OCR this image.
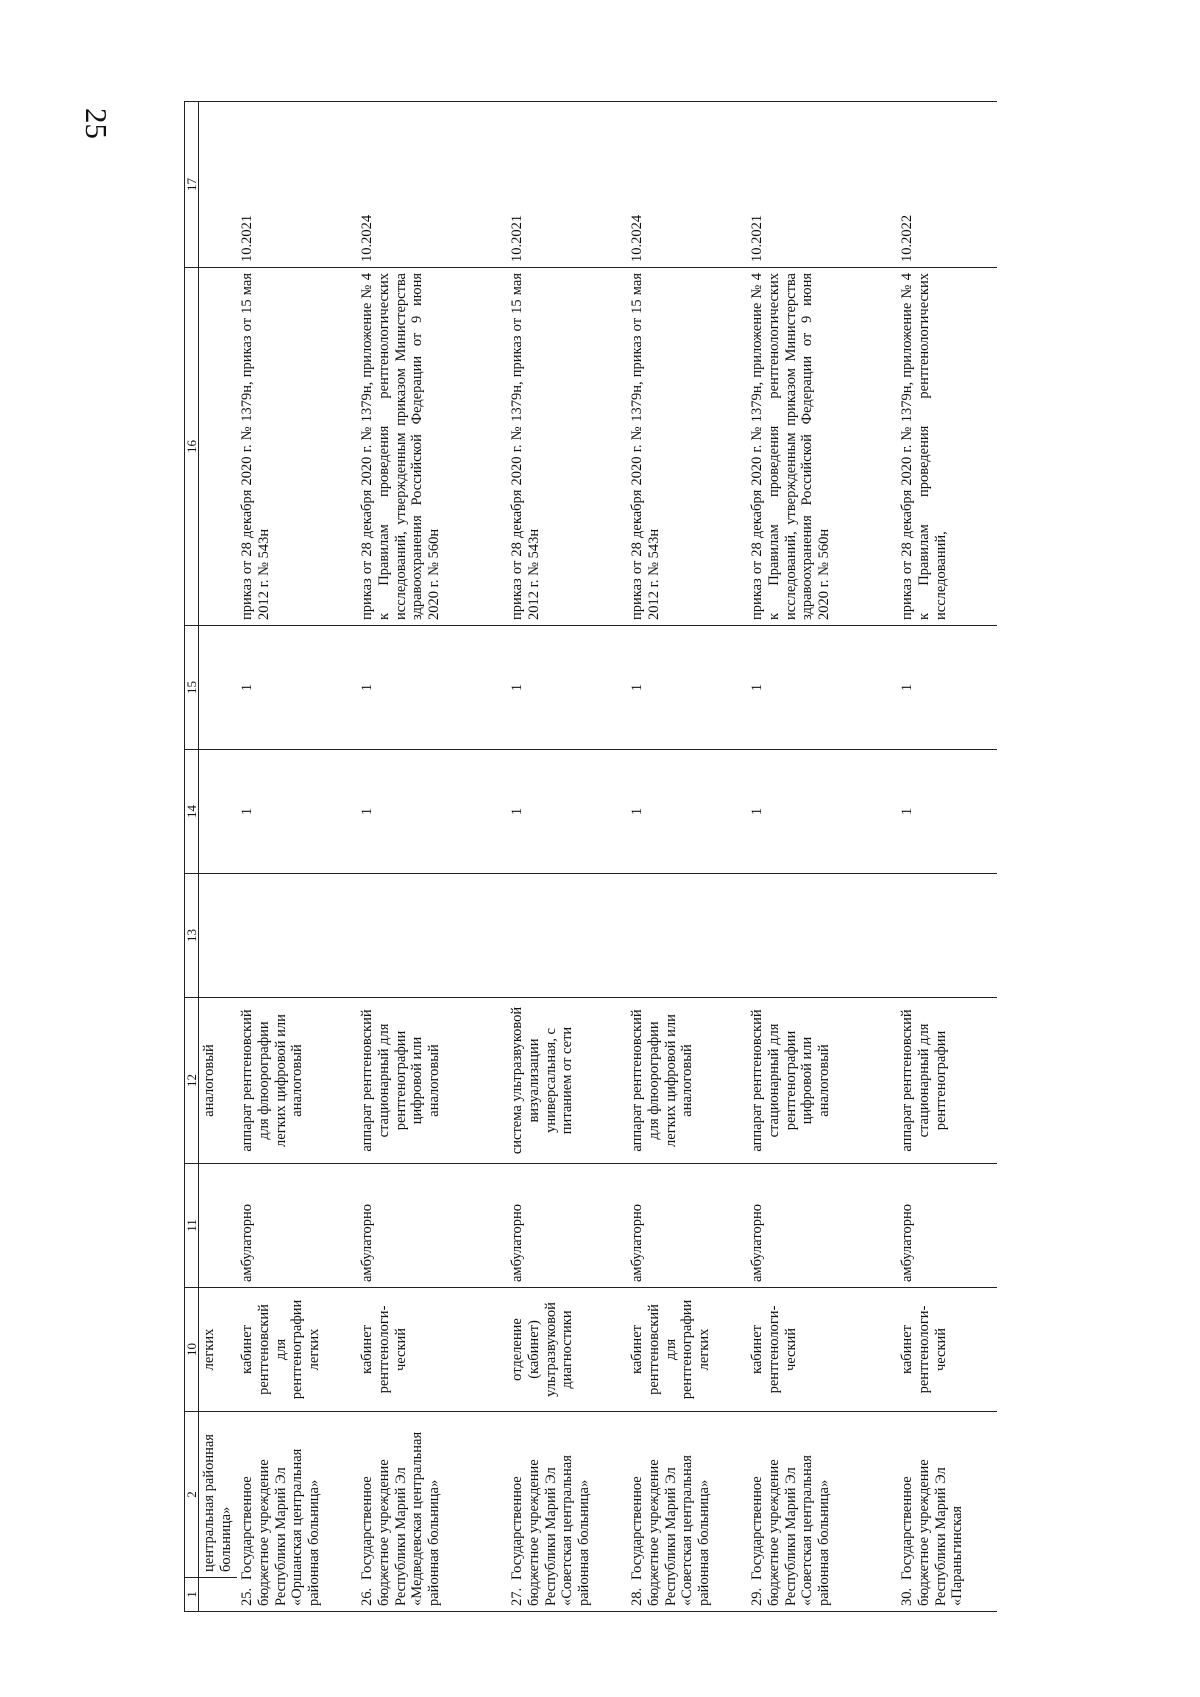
25
1	2	10	11	12	13	14	15	16	17
	центральная районная больница»	легких		аналоговый					
25.Государственное бюджетное учреждение Республики Марий Эл «Оршанская центральная районная больница»		кабинет рентгеновский для рентгенографии легких	амбулаторно	аппарат рентгеновский для флюорографии легких цифровой или аналоговый		1	1	приказ от 28 декабря 2020 г. № 1379н, приказ от 15 мая 2012 г. № 543н	10.2021
26.Государственное бюджетное учреждение Республики Марий Эл «Медведевская центральная районная больница»		кабинет рентгенологи-ческий	амбулаторно	аппарат рентгеновский стационарный для рентгенографии цифровой или аналоговый		1	1	приказ от 28 декабря 2020 г. № 1379н, приложение № 4 к Правилам проведения рентгенологических исследований, утвержденным приказом Министерства здравоохранения Российской Федерации от 9 июня 2020 г. № 560н	10.2024
27.Государственное бюджетное учреждение Республики Марий Эл «Советская центральная районная больница»		отделение (кабинет) ультразвуковой диагностики	амбулаторно	система ультразвуковой визуализации универсальная, с питанием от сети		1	1	приказ от 28 декабря 2020 г. № 1379н, приказ от 15 мая 2012 г. № 543н	10.2021
28.Государственное бюджетное учреждение Республики Марий Эл «Советская центральная районная больница»		кабинет рентгеновский для рентгенографии легких	амбулаторно	аппарат рентгеновский для флюорографии легких цифровой или аналоговый		1	1	приказ от 28 декабря 2020 г. № 1379н, приказ от 15 мая 2012 г. № 543н	10.2024
29.Государственное бюджетное учреждение Республики Марий Эл «Советская центральная районная больница»		кабинет рентгенологи-ческий	амбулаторно	аппарат рентгеновский стационарный для рентгенографии цифровой или аналоговый		1	1	приказ от 28 декабря 2020 г. № 1379н, приложение № 4 к Правилам проведения рентгенологических исследований, утвержденным приказом Министерства здравоохранения Российской Федерации от 9 июня 2020 г. № 560н	10.2021
30.Государственное бюджетное учреждение Республики Марий Эл «Параньгинская		кабинет рентгенологи-ческий	амбулаторно	аппарат рентгеновский стационарный для рентгенографии		1	1	приказ от 28 декабря 2020 г. № 1379н, приложение № 4 к Правилам проведения рентгенологических исследований,	10.2022
